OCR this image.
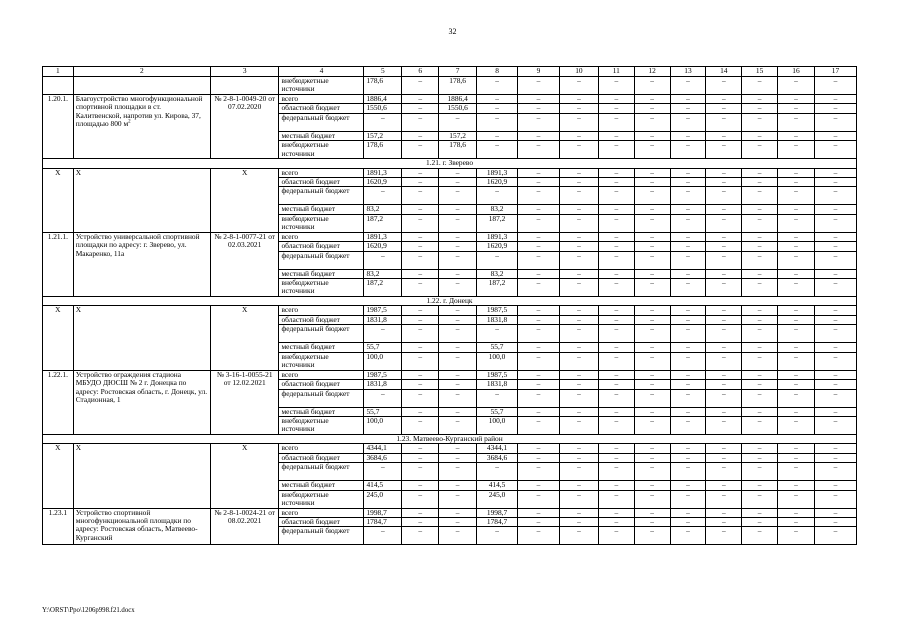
32
1	2	3	4	5	6	7	8	9	10	11	12	13	14	15	16	17
			внебюджетные источники	178,6	–	178,6	–	–	–	–	–	–	–	–	–	–
1.20.1.	Благоустройство многофункциональной спортивной площадки в ст. Калитвенской, напротив ул. Кирова, 37, площадью 800 $м^2$	№ 2-8-1-0049-20 от 07.02.2020	всего	1886,4	–	1886,4	–	–	–	–	–	–	–	–	–	–
			областной бюджет	1550,6	–	1550,6	–	–	–	–	–	–	–	–	–	–
			федеральный бюджет	–	–	–	–	–	–	–	–	–	–	–	–	–
			местный бюджет	157,2	–	157,2	–	–	–	–	–	–	–	–	–	–
			внебюджетные источники	178,6	–	178,6	–	–	–	–	–	–	–	–	–	–
1.21. г. Зверево																
Х	Х	Х	всего	1891,3	–	–	1891,3	–	–	–	–	–	–	–	–	–
			областной бюджет	1620,9	–	–	1620,9	–	–	–	–	–	–	–	–	–
			федеральный бюджет	–	–	–	–	–	–	–	–	–	–	–	–	–
			местный бюджет	83,2	–	–	83,2	–	–	–	–	–	–	–	–	–
			внебюджетные источники	187,2	–	–	187,2	–	–	–	–	–	–	–	–	–
1.21.1.	Устройство универсальной спортивной площадки по адресу: г. Зверево, ул. Макаренко, 11а	№ 2-8-1-0077-21 от 02.03.2021	всего	1891,3	–	–	1891,3	–	–	–	–	–	–	–	–	–
			областной бюджет	1620,9	–	–	1620,9	–	–	–	–	–	–	–	–	–
			федеральный бюджет	–	–	–	–	–	–	–	–	–	–	–	–	–
			местный бюджет	83,2	–	–	83,2	–	–	–	–	–	–	–	–	–
			внебюджетные источники	187,2	–	–	187,2	–	–	–	–	–	–	–	–	–
1.22. г. Донецк																
Х	Х	Х	всего	1987,5	–	–	1987,5	–	–	–	–	–	–	–	–	–
			областной бюджет	1831,8	–	–	1831,8	–	–	–	–	–	–	–	–	–
			федеральный бюджет	–	–	–	–	–	–	–	–	–	–	–	–	–
			местный бюджет	55,7	–	–	55,7	–	–	–	–	–	–	–	–	–
			внебюджетные источники	100,0	–	–	100,0	–	–	–	–	–	–	–	–	–
1.22.1.	Устройство ограждения стадиона МБУДО ДЮСШ № 2 г. Донецка по адресу: Ростовская область, г. Донецк, ул. Стадионная, 1	№ 3-16-1-0055-21 от 12.02.2021	всего	1987,5	–	–	1987,5	–	–	–	–	–	–	–	–	–
			областной бюджет	1831,8	–	–	1831,8	–	–	–	–	–	–	–	–	–
			федеральный бюджет	–	–	–	–	–	–	–	–	–	–	–	–	–
			местный бюджет	55,7	–	–	55,7	–	–	–	–	–	–	–	–	–
			внебюджетные источники	100,0	–	–	100,0	–	–	–	–	–	–	–	–	–
1.23. Матвеево-Курганский район																
Х	Х	Х	всего	4344,1	–	–	4344,1	–	–	–	–	–	–	–	–	–
			областной бюджет	3684,6	–	–	3684,6	–	–	–	–	–	–	–	–	–
			федеральный бюджет	–	–	–	–	–	–	–	–	–	–	–	–	–
			местный бюджет	414,5	–	–	414,5	–	–	–	–	–	–	–	–	–
			внебюджетные источники	245,0	–	–	245,0	–	–	–	–	–	–	–	–	–
1.23.1	Устройство спортивной многофункциональной площадки по адресу: Ростовская область, Матвеево-Курганский	№ 2-8-1-0024-21 от 08.02.2021	всего	1998,7	–	–	1998,7	–	–	–	–	–	–	–	–	–
			областной бюджет	1784,7	–	–	1784,7	–	–	–	–	–	–	–	–	–
			федеральный бюджет	–	–	–	–	–	–	–	–	–	–	–	–	–
Y:\ORST\Ppo\1206p998.f21.docx
